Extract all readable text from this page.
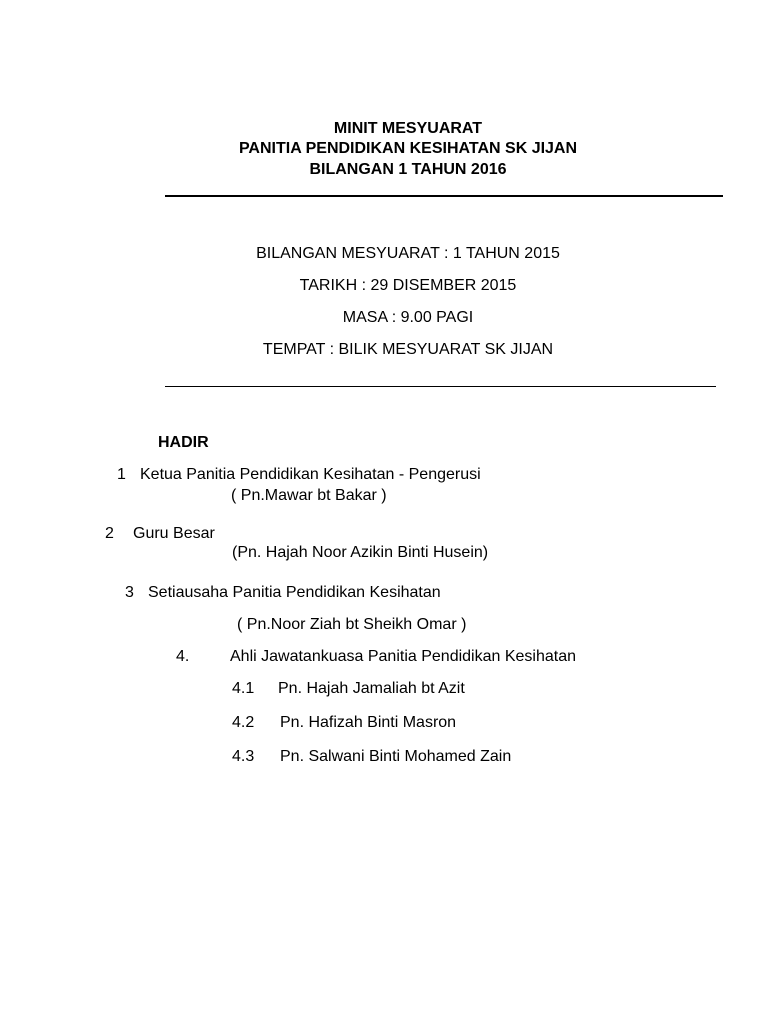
MINIT MESYUARAT
PANITIA PENDIDIKAN KESIHATAN SK JIJAN
BILANGAN 1 TAHUN 2016
BILANGAN MESYUARAT : 1 TAHUN 2015
TARIKH : 29 DISEMBER 2015
MASA : 9.00 PAGI
TEMPAT : BILIK MESYUARAT SK JIJAN
HADIR
1 Ketua Panitia Pendidikan Kesihatan - Pengerusi
( Pn.Mawar bt Bakar )
2 Guru Besar
(Pn. Hajah Noor Azikin Binti Husein)
3 Setiausaha Panitia Pendidikan Kesihatan
( Pn.Noor Ziah bt Sheikh Omar )
4.	Ahli Jawatankuasa Panitia Pendidikan Kesihatan
4.1 Pn. Hajah Jamaliah bt Azit
4.2 Pn. Hafizah Binti Masron
4.3 Pn. Salwani Binti Mohamed Zain
